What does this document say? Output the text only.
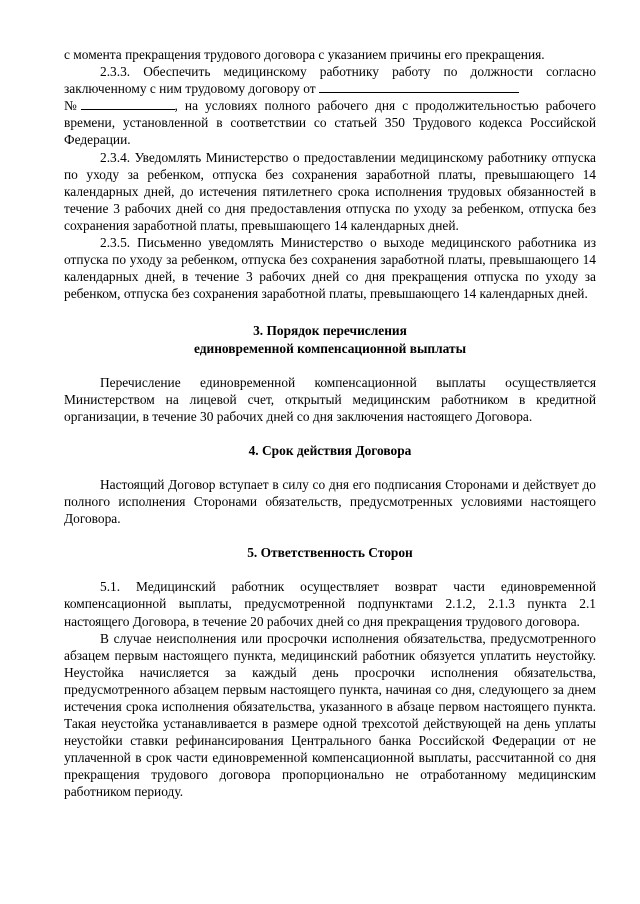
с момента прекращения трудового договора с указанием причины его прекращения.

2.3.3. Обеспечить медицинскому работнику работу по должности согласно заключенному с ним трудовому договору от
№	, на условиях полного рабочего дня с продолжительностью рабочего времени, установленной в соответствии со статьей 350 Трудового кодекса Российской Федерации.

2.3.4. Уведомлять Министерство о предоставлении медицинскому работнику отпуска по уходу за ребенком, отпуска без сохранения заработной платы, превышающего 14 календарных дней, до истечения пятилетнего срока исполнения трудовых обязанностей в течение 3 рабочих дней со дня предоставления отпуска по уходу за ребенком, отпуска без сохранения заработной платы, превышающего 14 календарных дней.

2.3.5. Письменно уведомлять Министерство о выходе медицинского работника из отпуска по уходу за ребенком, отпуска без сохранения заработной платы, превышающего 14 календарных дней, в течение 3 рабочих дней со дня прекращения отпуска по уходу за ребенком, отпуска без сохранения заработной платы, превышающего 14 календарных дней.

3. Порядок перечисления

единовременной компенсационной выплаты

Перечисление единовременной компенсационной выплаты осуществляется Министерством на лицевой счет, открытый медицинским работником в кредитной организации, в течение 30 рабочих дней со дня заключения настоящего Договора.

4. Срок действия Договора

Настоящий Договор вступает в силу со дня его подписания Сторонами и действует до полного исполнения Сторонами обязательств, предусмотренных условиями настоящего Договора.

5. Ответственность Сторон

5.1. Медицинский работник осуществляет возврат части единовременной компенсационной выплаты, предусмотренной подпунктами 2.1.2, 2.1.3 пункта 2.1 настоящего Договора, в течение 20 рабочих дней со дня прекращения трудового договора.

В случае неисполнения или просрочки исполнения обязательства, предусмотренного абзацем первым настоящего пункта, медицинский работник обязуется уплатить неустойку. Неустойка начисляется за каждый день просрочки исполнения обязательства, предусмотренного абзацем первым настоящего пункта, начиная со дня, следующего за днем истечения срока исполнения обязательства, указанного в абзаце первом настоящего пункта. Такая неустойка устанавливается в размере одной трехсотой действующей на день уплаты неустойки ставки рефинансирования Центрального банка Российской Федерации от не уплаченной в срок части единовременной компенсационной выплаты, рассчитанной со дня прекращения трудового договора пропорционально не отработанному медицинским работником периоду.
